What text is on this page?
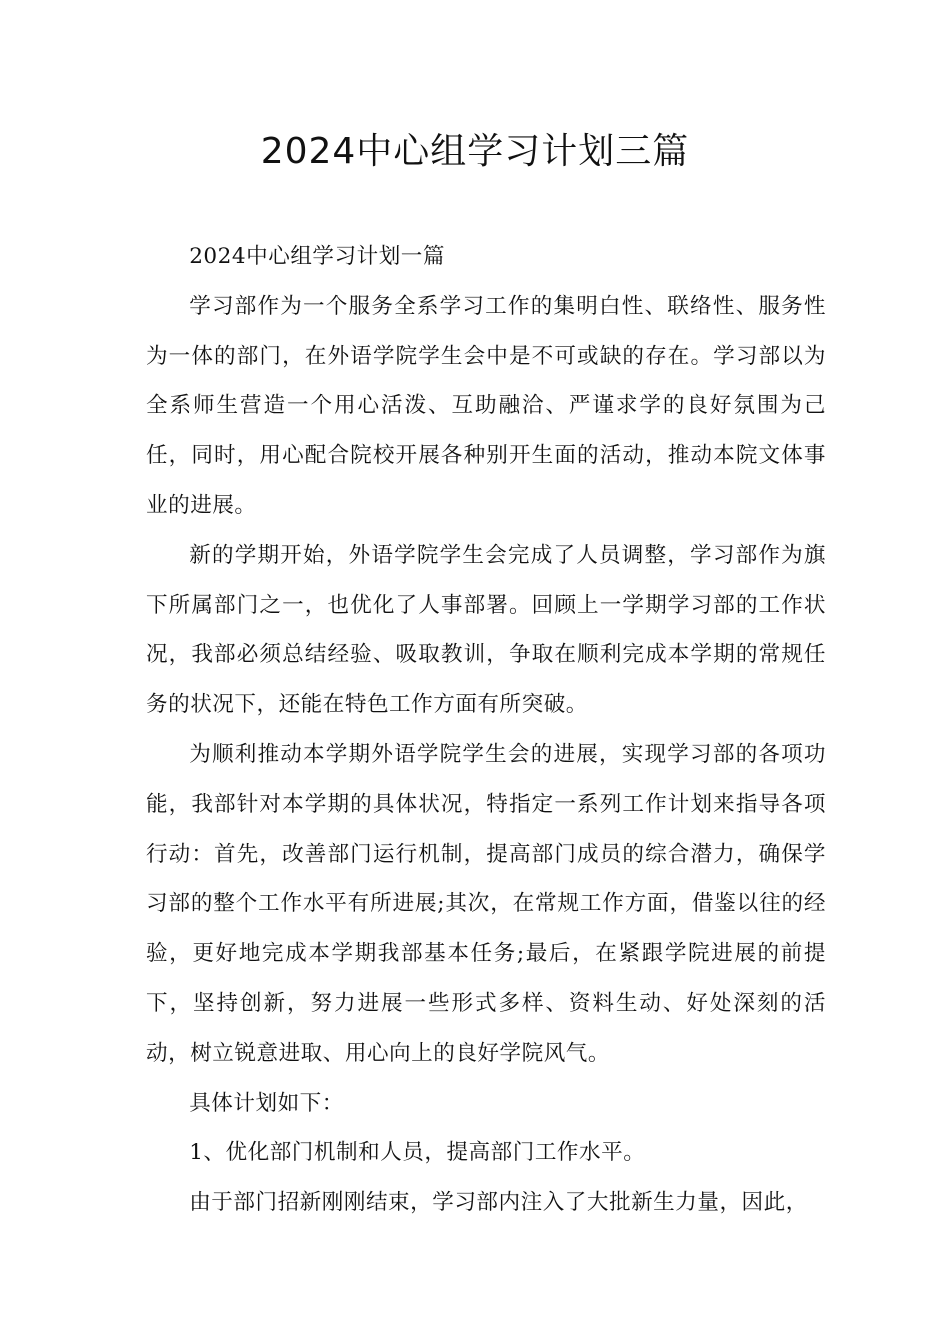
2024中心组学习计划三篇

2024中心组学习计划一篇

学习部作为一个服务全系学习工作的集明白性、联络性、服务性为一体的部门，在外语学院学生会中是不可或缺的存在。学习部以为全系师生营造一个用心活泼、互助融洽、严谨求学的良好氛围为己任，同时，用心配合院校开展各种别开生面的活动，推动本院文体事业的进展。

新的学期开始，外语学院学生会完成了人员调整，学习部作为旗下所属部门之一，也优化了人事部署。回顾上一学期学习部的工作状况，我部必须总结经验、吸取教训，争取在顺利完成本学期的常规任务的状况下，还能在特色工作方面有所突破。

为顺利推动本学期外语学院学生会的进展，实现学习部的各项功能，我部针对本学期的具体状况，特指定一系列工作计划来指导各项行动：首先，改善部门运行机制，提高部门成员的综合潜力，确保学习部的整个工作水平有所进展;其次，在常规工作方面，借鉴以往的经验，更好地完成本学期我部基本任务;最后，在紧跟学院进展的前提下，坚持创新，努力进展一些形式多样、资料生动、好处深刻的活动，树立锐意进取、用心向上的良好学院风气。

具体计划如下：

1、优化部门机制和人员，提高部门工作水平。

由于部门招新刚刚结束，学习部内注入了大批新生力量，因此，
